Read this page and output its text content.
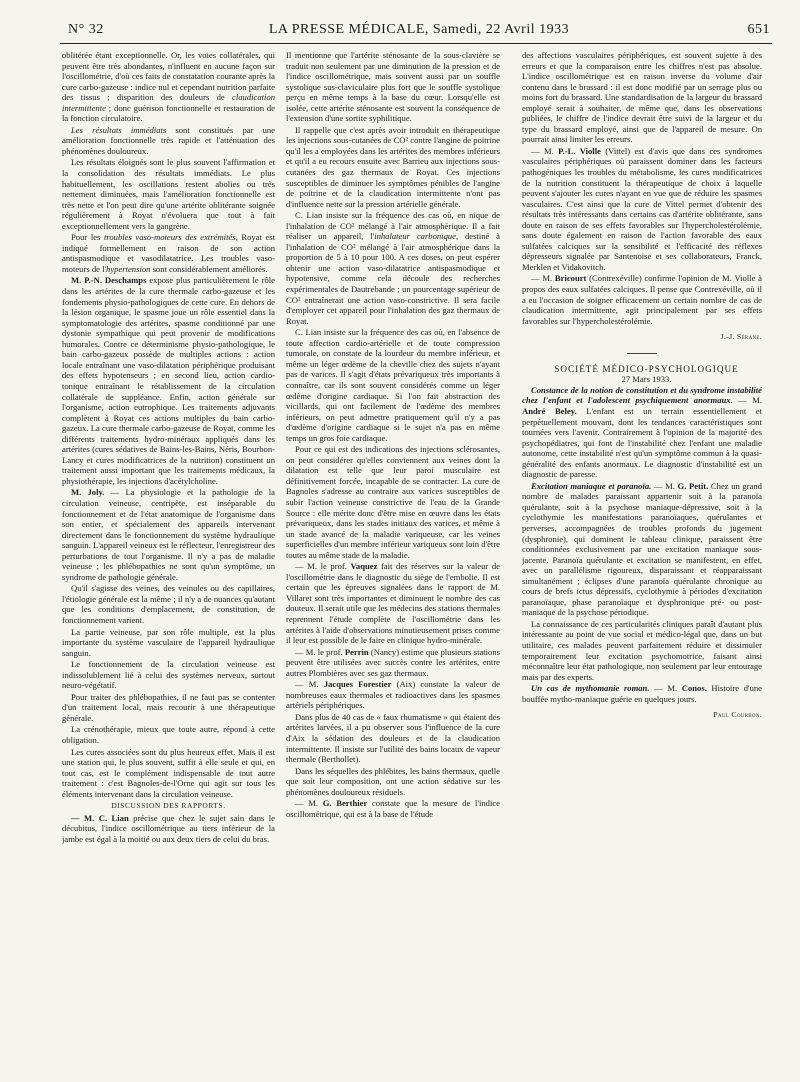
N° 32	LA PRESSE MÉDICALE, Samedi, 22 Avril 1933	651

oblitérée étant exceptionnelle. Or, les voies collatérales, qui peuvent être très abondantes, n'influent en aucune façon sur l'oscillométrie, d'où ces faits de constatation courante après la cure carbo-gazeuse : indice nul et cependant nutrition parfaite des tissus ; disparition des douleurs de claudication intermittente ; donc guérison fonctionnelle et restauration de la fonction circulatoire.

Les résultats immédiats sont constitués par une amélioration fonctionnelle très rapide et l'atténuation des phénomènes douloureux.

Les résultats éloignés sont le plus souvent l'affirmation et la consolidation des résultats immédiats. Le plus habituellement, les oscillations restent abolies ou très nettement diminuées, mais l'amélioration fonctionnelle est très nette et l'on peut dire qu'une artérite oblitérante soignée régulièrement à Royat n'évoluera que tout à fait exceptionnellement vers la gangrène.

Pour les troubles vaso-moteurs des extrémités, Royat est indiqué formellement en raison de son action antispasmodique et vasodilatatrice. Les troubles vaso-moteurs de l'hypertension sont considérablement améliorés.

M. P.-N. Deschamps expose plus particulièrement le rôle dans les artérites de la cure thermale carbo-gazeuse et les fondements physio-pathologiques de cette cure. En dehors de la lésion organique, le spasme joue un rôle essentiel dans la symptomatologie des artérites, spasme conditionné par une dystonie sympathique qui peut provenir de modifications humorales. Contre ce déterminisme physio-pathologique, le bain carbo-gazeux possède de multiples actions : action locale entraînant une vaso-dilatation périphérique produisant des effets hypotenseurs ; en second lieu, action cardio-tonique entraînant le rétablissement de la circulation collatérale de suppléance. Enfin, action générale sur l'organisme, action eutrophique. Les traitements adjuvants complètent à Royat ces actions multiples du bain carbo-gazeux. La cure thermale carbo-gazeuse de Royat, comme les différents traitements hydro-minéraux appliqués dans les artérites (cures sédatives de Bains-les-Bains, Néris, Bourbon-Lancy et cures modificatrices de la nutrition) constituent un traitement aussi important que les traitements médicaux, la physiothérapie, les injections d'acétylcholine.

M. Joly. — La physiologie et la pathologie de la circulation veineuse, centripète, est inséparable du fonctionnement et de l'état anatomique de l'organisme dans son entier, et spécialement des appareils intervenant directement dans le fonctionnement du système hydraulique sanguin. L'appareil veineux est le réflecteur, l'enregistreur des perturbations de tout l'organisme. Il n'y a pas de maladie veineuse ; les phlébopathies ne sont qu'un symptôme, un syndrome de pathologie générale.

Qu'il s'agisse des veines, des veinules ou des capillaires, l'étiologie générale est la même ; il n'y a de nuances qu'autant que les conditions d'emplacement, de constitution, de fonctionnement varient.

La partie veineuse, par son rôle multiple, est la plus importante du système vasculaire de l'appareil hydraulique sanguin.

Le fonctionnement de la circulation veineuse est indissolublement lié à celui des systèmes nerveux, surtout neuro-végétatif.

Pour traiter des phlébopathies, il ne faut pas se contenter d'un traitement local, mais recourir à une thérapeutique générale.

La crénothérapie, mieux que toute autre, répond à cette obligation.

Les cures associées sont du plus heureux effet. Mais il est une station qui, le plus souvent, suffit à elle seule et qui, en tout cas, est le complément indispensable de tout autre traitement : c'est Bagnoles-de-l'Orne qui agit sur tous les éléments intervenant dans la circulation veineuse.

DISCUSSION DES RAPPORTS.

— M. C. Lian précise que chez le sujet sain dans le décubitus, l'indice oscillométrique au tiers inférieur de la jambe est égal à la moitié ou aux deux tiers de celui du bras.

Il mentionne que l'artérite sténosante de la sous-clavière se traduit non seulement par une diminution de la pression et de l'indice oscillométrique, mais souvent aussi par un souffle systolique sus-claviculaire plus fort que le souffle systolique perçu en même temps à la base du cœur. Lorsqu'elle est isolée, cette artérite sténosante est souvent la conséquence de l'extension d'une sortite syphilitique.

Il rappelle que c'est après avoir introduit en thérapeutique les injections sous-cutanées de CO² contre l'angine de poitrine qu'il les a employées dans les artérites des membres inférieurs et qu'il a eu recours ensuite avec Barrieu aux injections sous-cutanées des gaz thermaux de Royat. Ces injections susceptibles de diminuer les symptômes pénibles de l'angine de poitrine et de la claudication intermittente n'ont pas d'influence nette sur la pression artérielle générale.

C. Lian insiste sur la fréquence des cas où, en nique de l'inhalation de CO² mélangé à l'air atmosphérique. Il a fait réaliser un appareil, l'inhalateur carbonique, destiné à l'inhalation de CO² mélangé à l'air atmosphérique dans la proportion de 5 à 10 pour 100. A ces doses, on peut espérer obtenir une action vaso-dilatatrice antispasmodique et hypotensive, comme cela découle des recherches expérimentales de Dautrebande ; un pourcentage supérieur de CO² entraînerait une action vaso-constrictive. Il sera facile d'employer cet appareil pour l'inhalation des gaz thermaux de Royat.

C. Lian insiste sur la fréquence des cas où, en l'absence de toute affection cardio-artérielle et de toute compression tumorale, on constate de la lourdeur du membre inférieur, et même un léger œdème de la cheville chez des sujets n'ayant pas de varices. Il s'agit d'états prévariqueux très importants à connaître, car ils sont souvent considérés comme un léger œdème d'origine cardiaque. Si l'on fait abstraction des vicillards, qui ont facilement de l'œdème des membres inférieurs, on peut admettre pratiquement qu'il n'y a pas d'œdème d'origine cardiaque si le sujet n'a pas en même temps un gros foie cardiaque.

Pour ce qui est des indications des injections sclérosantes, on peut considérer qu'elles conviennent aux veines dont la dilatation est telle que leur paroi musculaire est définitivement forcée, incapable de se contracter. La cure de Bagnoles s'adresse au contraire aux varices susceptibles de subir l'action veineuse constrictive de l'eau de la Grande Source : elle mérite donc d'être mise en œuvre dans les états prévariqueux, dans les stades initiaux des varices, et même à un stade avancé de la maladie variqueuse, car les veines superficielles d'un membre inférieur variqueux sont loin d'être toutes au même stade de la maladie.

— M. le prof. Vaquez fait des réserves sur la valeur de l'oscillométrie dans le diagnostic du siège de l'embolie. Il est certain que les épreuves signalées dans le rapport de M. Villaret sont très importantes et diminuent le nombre des cas douteux. Il serait utile que les médecins des stations thermales reprennent l'étude complète de l'oscillométrie dans les artérites à l'aide d'observations minutieusement prises comme il leur est possible de le faire en clinique hydro-minérale.

— M. le prof. Perrin (Nancy) estime que plusieurs stations peuvent être utilisées avec succès contre les artérites, entre autres Plombières avec ses gaz thermaux.

— M. Jacques Forestier (Aix) constate la valeur de nombreuses eaux thermales et radioactives dans les spasmes artériels périphériques.

Dans plus de 40 cas de « faux rhumatisme » qui étaient des artérites larvées, il a pu observer sous l'influence de la cure d'Aix la sédation des douleurs et de la claudication intermittente. Il insiste sur l'utilité des bains locaux de vapeur thermale (Berthollet).

Dans les séquelles des phlébites, les bains thermaux, quelle que soit leur composition, ont une action sédative sur les phénomènes douloureux résiduels.

— M. G. Berthier constate que la mesure de l'indice oscillométrique, qui est à la base de l'étude

des affections vasculaires périphériques, est souvent sujette à des erreurs et que la comparaison entre les chiffres n'est pas absolue. L'indice oscillométrique est en raison inverse du volume d'air contenu dans le brassard : il est donc modifié par un serrage plus ou moins fort du brassard. Une standardisation de la largeur du brassard employé serait à souhaiter, de même que, dans les observations publiées, le chiffre de l'indice devrait être suivi de la largeur et du type du brassard employé, ainsi que de l'appareil de mesure. On pourrait ainsi limiter les erreurs.

— M. P.-L. Violle (Vittel) est d'avis que dans ces syndromes vasculaires périphériques où paraissent dominer dans les facteurs pathogéniques les troubles du métabolisme, les cures modificatrices de la nutrition constituent la thérapeutique de choix à laquelle peuvent s'ajouter les cures n'ayant en vue que de réduire les spasmes vasculaires. C'est ainsi que la cure de Vittel permet d'obtenir des résultats très intéressants dans certains cas d'artérite oblitérante, sans doute en raison de ses effets favorables sur l'hypercholestérolémie, sans doute également en raison de l'action favorable des eaux sulfatées calciques sur la sensibilité et l'efficacité des réflexes dépresseurs signalée par Santenoise et ses collaborateurs, Franck, Merklen et Vidakovitch.

— M. Bricourt (Contrexéville) confirme l'opinion de M. Violle à propos des eaux sulfatées calciques. Il pense que Contrexéville, où il a eu l'occasion de soigner efficacement un certain nombre de cas de claudication intermittente, agit principalement par ses effets favorables sur l'hypercholestérolémie.

J.-J. Sérane.

SOCIÉTÉ MÉDICO-PSYCHOLOGIQUE

27 Mars 1933.

Constance de la notion de constitution et du syndrome instabilité chez l'enfant et l'adolescent psychiquement anormaux. — M. André Beley. L'enfant est un terrain essentiellement et perpétuellement mouvant, dont les tendances caractéristiques sont tournées vers l'avenir. Contrairement à l'opinion de la majorité des psychopédiatres, qui font de l'instabilité chez l'enfant une maladie autonome, cette instabilité n'est qu'un symptôme commun à la quasi-généralité des enfants anormaux. Le diagnostic d'instabilité est un diagnostic de paresse.

Excitation maniaque et paranoïa. — M. G. Petit. Chez un grand nombre de malades paraissant appartenir soit à la paranoïa quérulante, soit à la psychose maniaque-dépressive, soit à la cyclothymie les manifestations paranoïaques, quérulantes et perverses, accompagnées de troubles profonds du jugement (dysphronie), qui dominent le tableau clinique, paraissent être conditionnées exclusivement par une excitation maniaque sous-jacente. Paranoïa quérulante et excitation se manifestent, en effet, avec un parallélisme rigoureux, disparaissant et réapparaissant simultanément ; éclipses d'une paranoïa quérulante chronique au cours de brefs ictus dépressifs, cyclothymie à périodes d'excitation paranoïaque, phase paranoïaque et dysphronique pré- ou post-maniaque de la psychose périodique.

La connaissance de ces particularités cliniques paraît d'autant plus intéressante au point de vue social et médico-légal que, dans un but utilitaire, ces malades peuvent parfaitement réduire et dissimuler temporairement leur excitation psychomotrice, faisant ainsi méconnaître leur état pathologique, non seulement par leur entourage mais par des experts.

Un cas de mythomanie roman. — M. Conos. Histoire d'une bouffée mytho-maniaque guérie en quelques jours.

Paul Courbon.
